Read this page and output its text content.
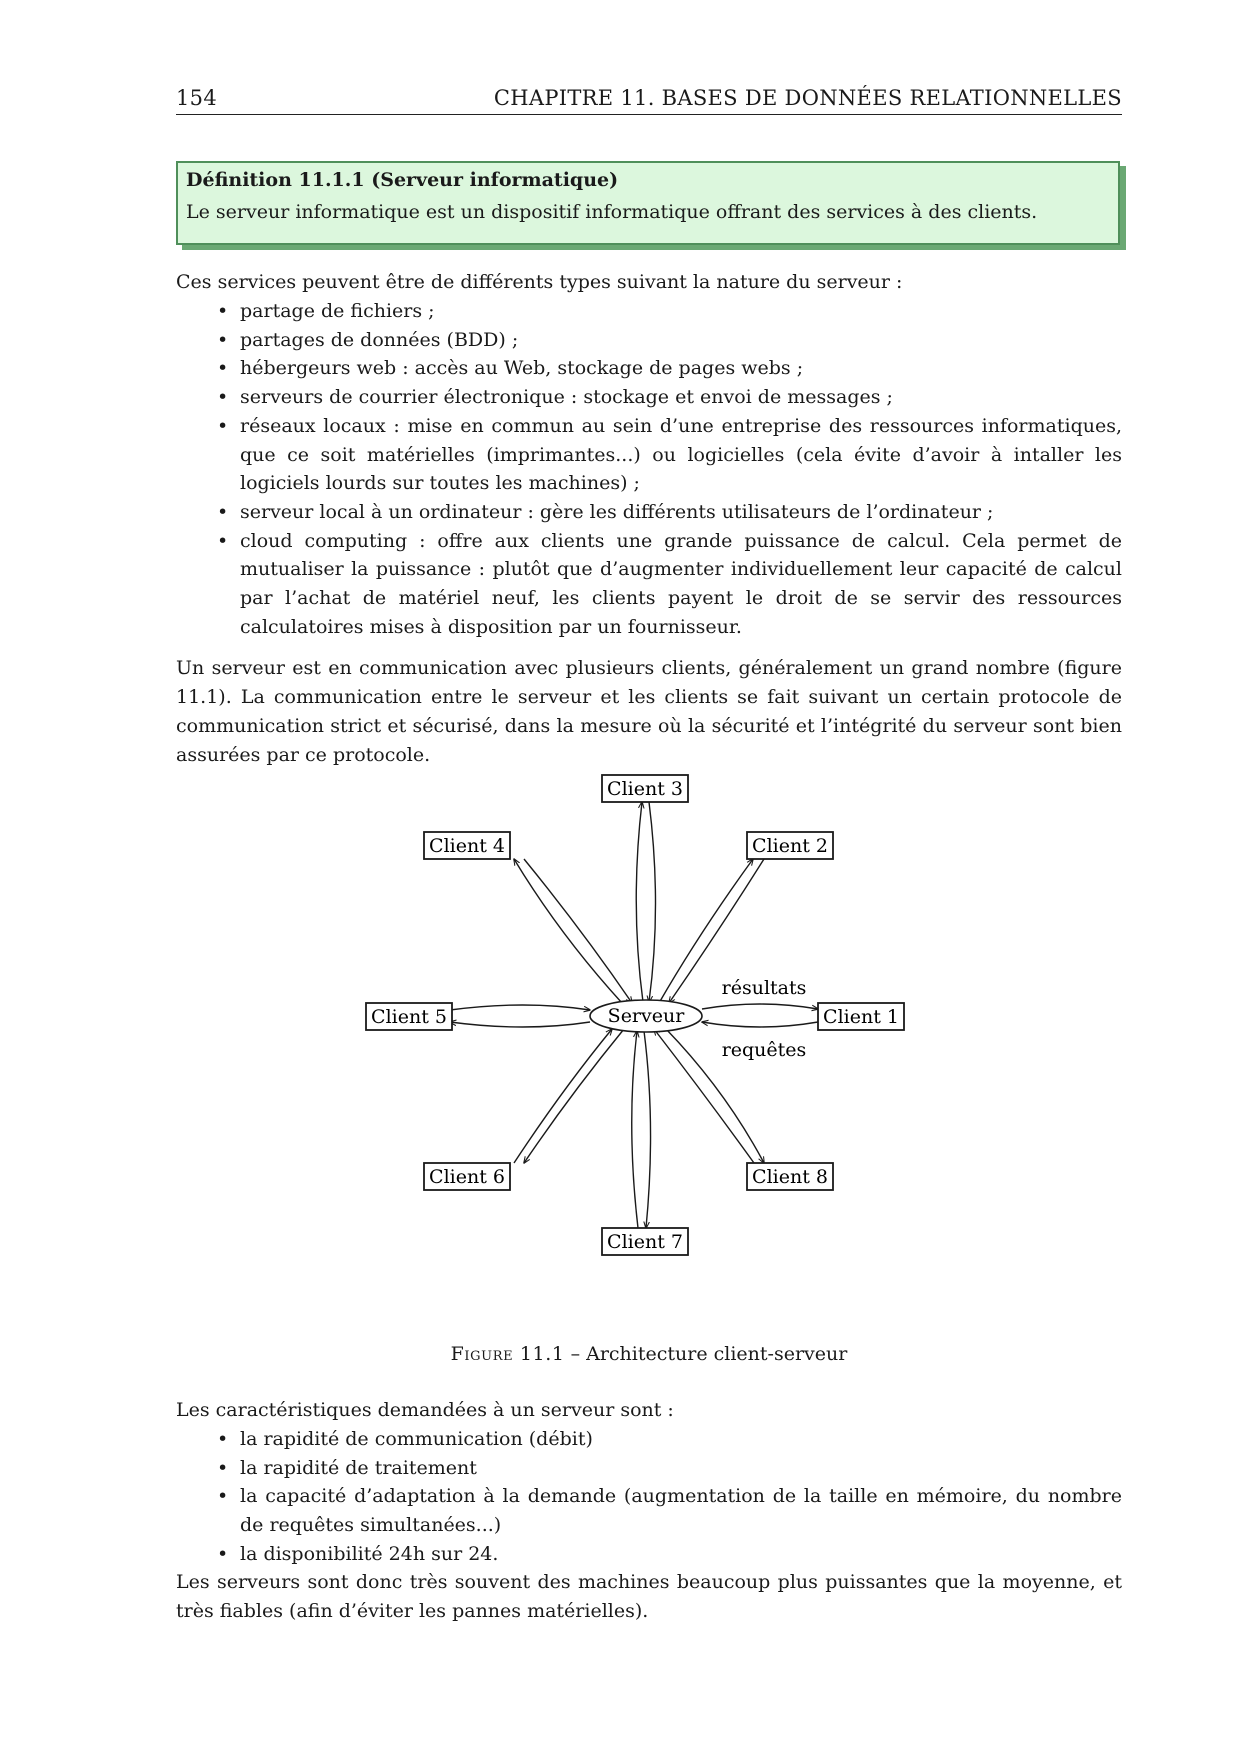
154	CHAPITRE 11. BASES DE DONNÉES RELATIONNELLES
Définition 11.1.1 (Serveur informatique)
Le serveur informatique est un dispositif informatique offrant des services à des clients.
Ces services peuvent être de différents types suivant la nature du serveur :
• partage de fichiers ;
• partages de données (BDD) ;
• hébergeurs web : accès au Web, stockage de pages webs ;
• serveurs de courrier électronique : stockage et envoi de messages ;
• réseaux locaux : mise en commun au sein d’une entreprise des ressources informatiques, que ce soit matérielles (imprimantes...) ou logicielles (cela évite d’avoir à intaller les logiciels lourds sur toutes les machines) ;
• serveur local à un ordinateur : gère les différents utilisateurs de l’ordinateur ;
• cloud computing : offre aux clients une grande puissance de calcul. Cela permet de mutualiser la puissance : plutôt que d’augmenter individuellement leur capacité de calcul par l’achat de matériel neuf, les clients payent le droit de se servir des ressources calculatoires mises à disposition par un fournisseur.
Un serveur est en communication avec plusieurs clients, généralement un grand nombre (figure 11.1). La communication entre le serveur et les clients se fait suivant un certain protocole de communication strict et sécurisé, dans la mesure où la sécurité et l’intégrité du serveur sont bien assurées par ce protocole.
Serveur	Client 1
Client 2
Client 3
Client 4
Client 5
Client 6
Client 7
Client 8
résultats
requêtes
Figure 11.1 – Architecture client-serveur
Les caractéristiques demandées à un serveur sont :
• la rapidité de communication (débit)
• la rapidité de traitement
• la capacité d’adaptation à la demande (augmentation de la taille en mémoire, du nombre de requêtes simultanées...)
• la disponibilité 24h sur 24.
Les serveurs sont donc très souvent des machines beaucoup plus puissantes que la moyenne, et très fiables (afin d’éviter les pannes matérielles).
